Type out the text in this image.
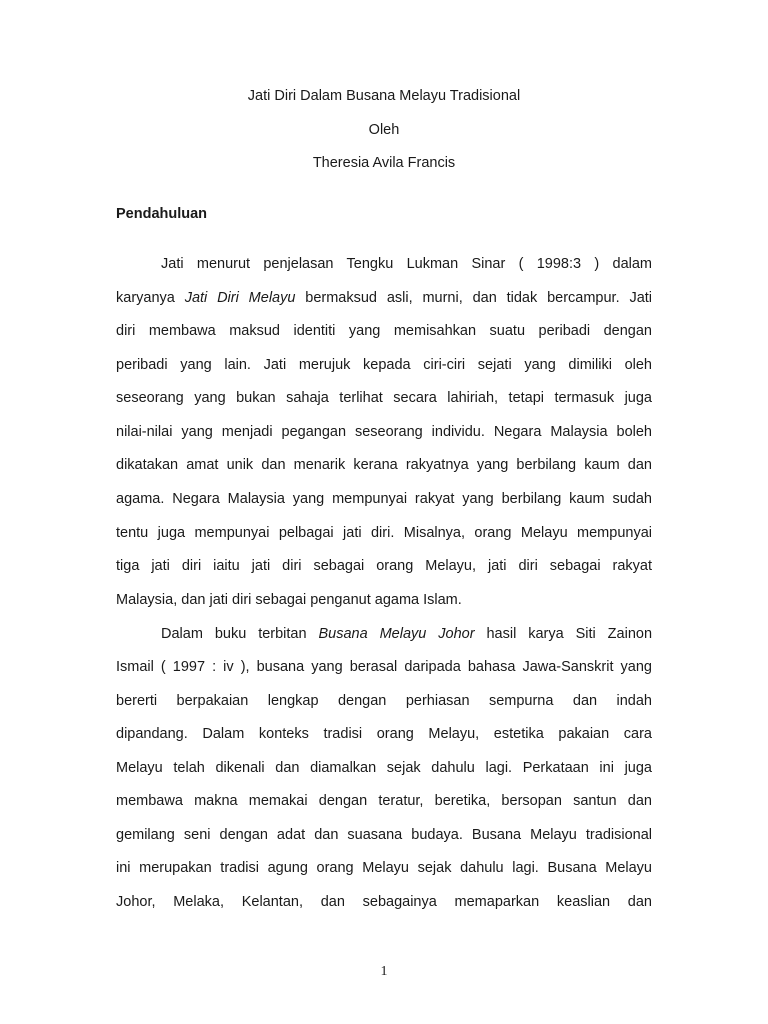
Jati Diri Dalam Busana Melayu Tradisional
Oleh
Theresia Avila Francis
Pendahuluan
Jati menurut penjelasan Tengku Lukman Sinar ( 1998:3 ) dalam
karyanya Jati Diri Melayu bermaksud asli, murni, dan tidak bercampur. Jati
diri membawa maksud identiti yang memisahkan suatu peribadi dengan
peribadi yang lain. Jati merujuk kepada ciri-ciri sejati yang dimiliki oleh
seseorang yang bukan sahaja terlihat secara lahiriah, tetapi termasuk juga
nilai-nilai yang menjadi pegangan seseorang individu. Negara Malaysia boleh
dikatakan amat unik dan menarik kerana rakyatnya yang berbilang kaum dan
agama. Negara Malaysia yang mempunyai rakyat yang berbilang kaum sudah
tentu juga mempunyai pelbagai jati diri. Misalnya, orang Melayu mempunyai
tiga jati diri iaitu jati diri sebagai orang Melayu, jati diri sebagai rakyat
Malaysia, dan jati diri sebagai penganut agama Islam.
Dalam buku terbitan Busana Melayu Johor hasil karya Siti Zainon
Ismail ( 1997 : iv ), busana yang berasal daripada bahasa Jawa-Sanskrit yang
bererti berpakaian lengkap dengan perhiasan sempurna dan indah
dipandang. Dalam konteks tradisi orang Melayu, estetika pakaian cara
Melayu telah dikenali dan diamalkan sejak dahulu lagi. Perkataan ini juga
membawa makna memakai dengan teratur, beretika, bersopan santun dan
gemilang seni dengan adat dan suasana budaya. Busana Melayu tradisional
ini merupakan tradisi agung orang Melayu sejak dahulu lagi. Busana Melayu
Johor, Melaka, Kelantan, dan sebagainya memaparkan keaslian dan
1
